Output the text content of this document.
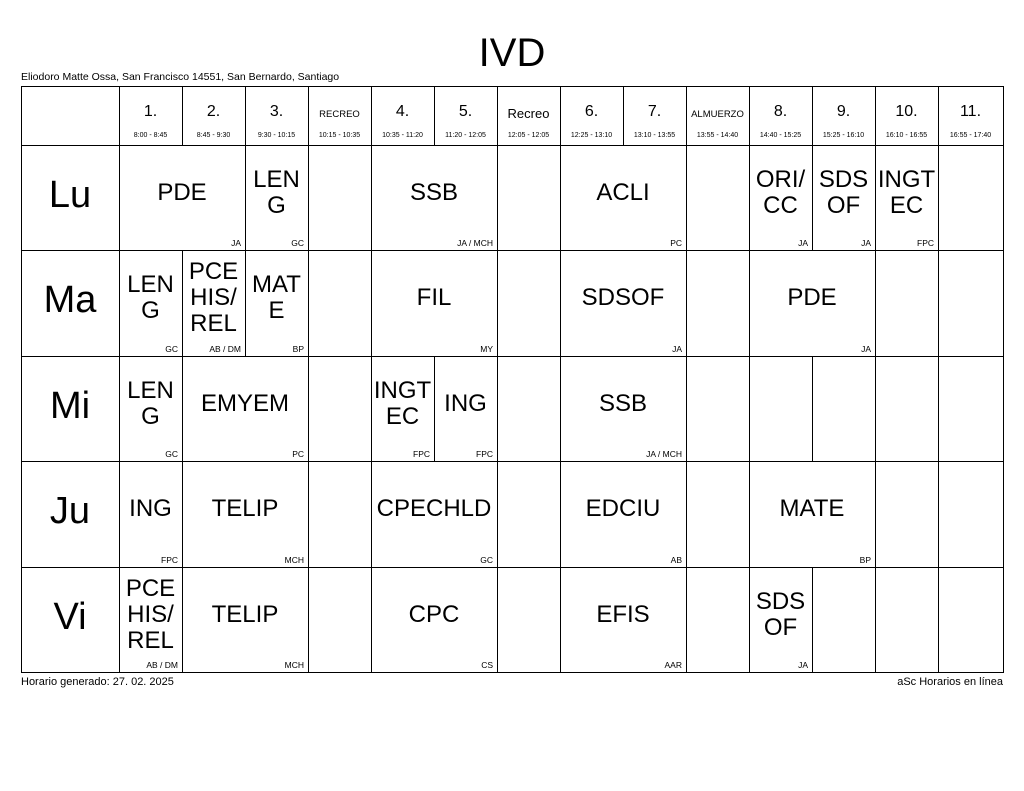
IVD
Eliodoro Matte Ossa, San Francisco 14551, San Bernardo, Santiago
1.
8:00 - 8:45
2.
8:45 - 9:30
3.
9:30 - 10:15
RECREO
10:15 - 10:35
4.
10:35 - 11:20
5.
11:20 - 12:05
Recreo
12:05 - 12:05
6.
12:25 - 13:10
7.
13:10 - 13:55
ALMUERZO
13:55 - 14:40
8.
14:40 - 15:25
9.
15:25 - 16:10
10.
16:10 - 16:55
11.
16:55 - 17:40
Lu
Ma
Mi
Ju
Vi
PDE
JA
LENG
GC
SSB
JA / MCH
ACLI
PC
ORI/CC
JA
SDSOF
JA
INGTEC
FPC
LENG
GC
PCEHIS/REL
AB / DM
MATE
BP
FIL
MY
SDSOF
JA
PDE
JA
LENG
GC
EMYEM
PC
INGTEC
FPC
ING
FPC
SSB
JA / MCH
ING
FPC
TELIP
MCH
CPECHLD
GC
EDCIU
AB
MATE
BP
PCEHIS/REL
AB / DM
TELIP
MCH
CPC
CS
EFIS
AAR
SDSOF
JA
Horario generado: 27. 02. 2025	aSc Horarios en línea
